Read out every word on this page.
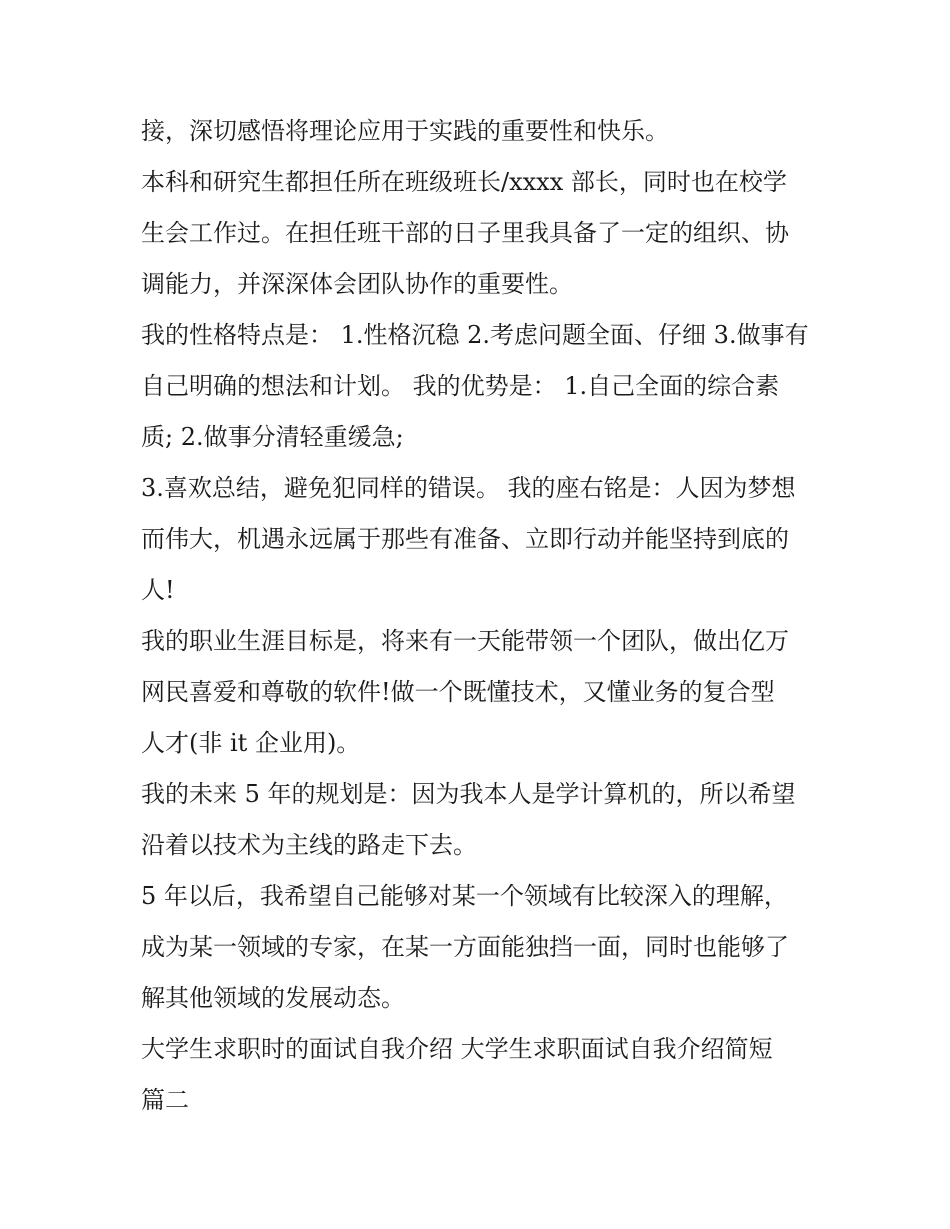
接，深切感悟将理论应用于实践的重要性和快乐。
本科和研究生都担任所在班级班长/xxxx 部长，同时也在校学
生会工作过。在担任班干部的日子里我具备了一定的组织、协
调能力，并深深体会团队协作的重要性。
我的性格特点是： 1.性格沉稳 2.考虑问题全面、仔细 3.做事有
自己明确的想法和计划。 我的优势是： 1.自己全面的综合素
质; 2.做事分清轻重缓急;
3.喜欢总结，避免犯同样的错误。 我的座右铭是：人因为梦想
而伟大，机遇永远属于那些有准备、立即行动并能坚持到底的
人!
我的职业生涯目标是，将来有一天能带领一个团队，做出亿万
网民喜爱和尊敬的软件!做一个既懂技术，又懂业务的复合型
人才(非 it 企业用)。
我的未来 5 年的规划是：因为我本人是学计算机的，所以希望
沿着以技术为主线的路走下去。
5 年以后，我希望自己能够对某一个领域有比较深入的理解，
成为某一领域的专家，在某一方面能独挡一面，同时也能够了
解其他领域的发展动态。
大学生求职时的面试自我介绍 大学生求职面试自我介绍简短
篇二
